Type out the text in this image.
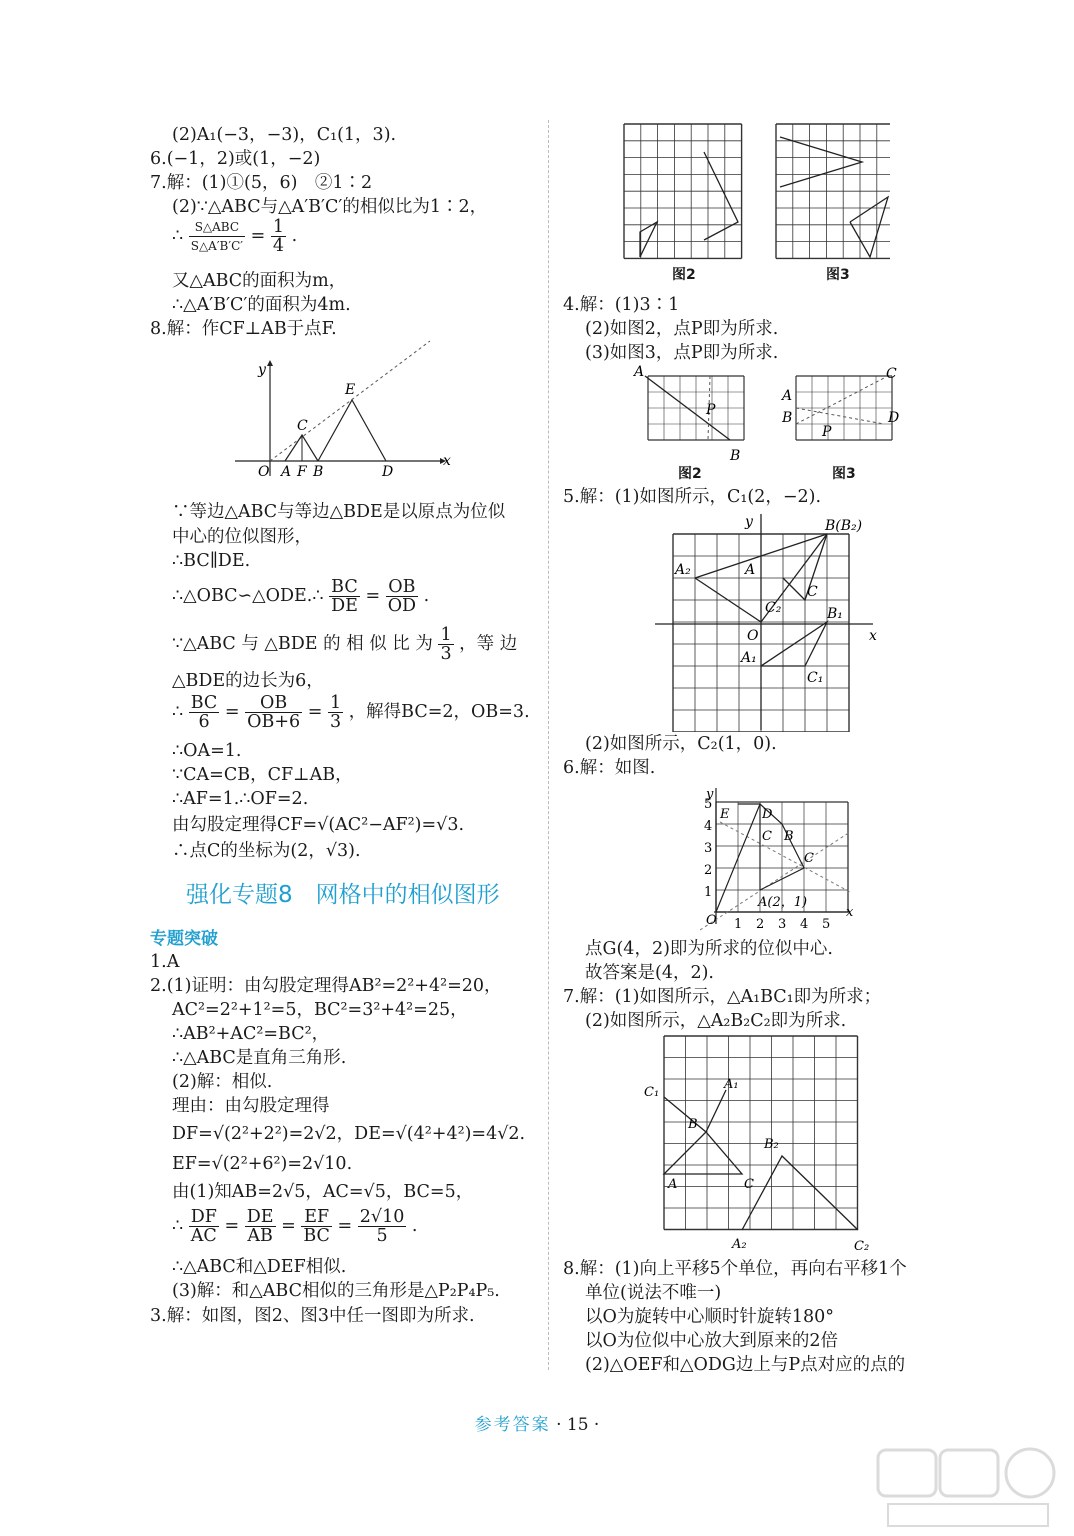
(2)A₁(−3，−3)，C₁(1，3).
6.(−1，2)或(1，−2)
7.解：(1)①(5，6)　②1∶2
(2)∵△ABC与△A′B′C′的相似比为1∶2，
∴ $\frac{\text{S△ABC}}{S\triangle A'B'C'} = \frac{1}{4}$ .
又△ABC的面积为m，
∴△A′B′C′的面积为4m.
8.解：作CF⊥AB于点F.
y
x
O A F B	D
C
E
∵等边△ABC与等边△BDE是以原点为位似
中心的位似图形，
∴BC∥DE.
∴△OBC∽△ODE.∴ $\frac{BC}{DE} = \frac{OB}{OD}$ .
∵△ABC 与 △BDE 的 相 似 比 为 $\frac{1}{3}$ ，等 边
△BDE的边长为6，
∴ $\frac{BC}{6} = \frac{OB}{OB+6} = \frac{1}{3}$ ，解得BC=2，OB=3.
∴OA=1.
∵CA=CB，CF⊥AB，
∴AF=1.∴OF=2.
由勾股定理得CF=√(AC²−AF²)=√3.
∴点C的坐标为(2，√3).
强化专题8　网格中的相似图形
专题突破
1.A
2.(1)证明：由勾股定理得AB²=2²+4²=20，
AC²=2²+1²=5，BC²=3²+4²=25，
∴AB²+AC²=BC²，
∴△ABC是直角三角形.
(2)解：相似.
理由：由勾股定理得
DF=√(2²+2²)=2√2，DE=√(4²+4²)=4√2.
EF=√(2²+6²)=2√10.
由(1)知AB=2√5，AC=√5，BC=5，
∴ $\frac{DF}{AC} = \frac{DE}{AB} = \frac{EF}{BC} = \frac{2√10}{5}$ .
∴△ABC和△DEF相似.
(3)解：和△ABC相似的三角形是△P₂P₄P₅.
3.解：如图，图2、图3中任一图即为所求.
图2	图3
4.解：(1)3∶1
(2)如图2，点P即为所求.
(3)如图3，点P即为所求.
A
B
P
A
B
C
D
P
图2	图3
5.解：(1)如图所示，C₁(2，−2).
y
x
O
B(B₂)
A₂	A
C
C₂	B₁
A₁
C₁
(2)如图所示，C₂(1，0).
6.解：如图.
y
x
O
E	D
C B
C
A(2，1)
1 2 3 4 5
1
2
3
4
5
点G(4，2)即为所求的位似中心.
故答案是(4，2).
7.解：(1)如图所示，△A₁BC₁即为所求；
(2)如图所示，△A₂B₂C₂即为所求.
C₁
A₁
B
B₂
A	C
A₂	C₂
8.解：(1)向上平移5个单位，再向右平移1个
单位(说法不唯一)
以O为旋转中心顺时针旋转180°
以O为位似中心放大到原来的2倍
(2)△OEF和△ODG边上与P点对应的点的
参考答案 · 15 ·
